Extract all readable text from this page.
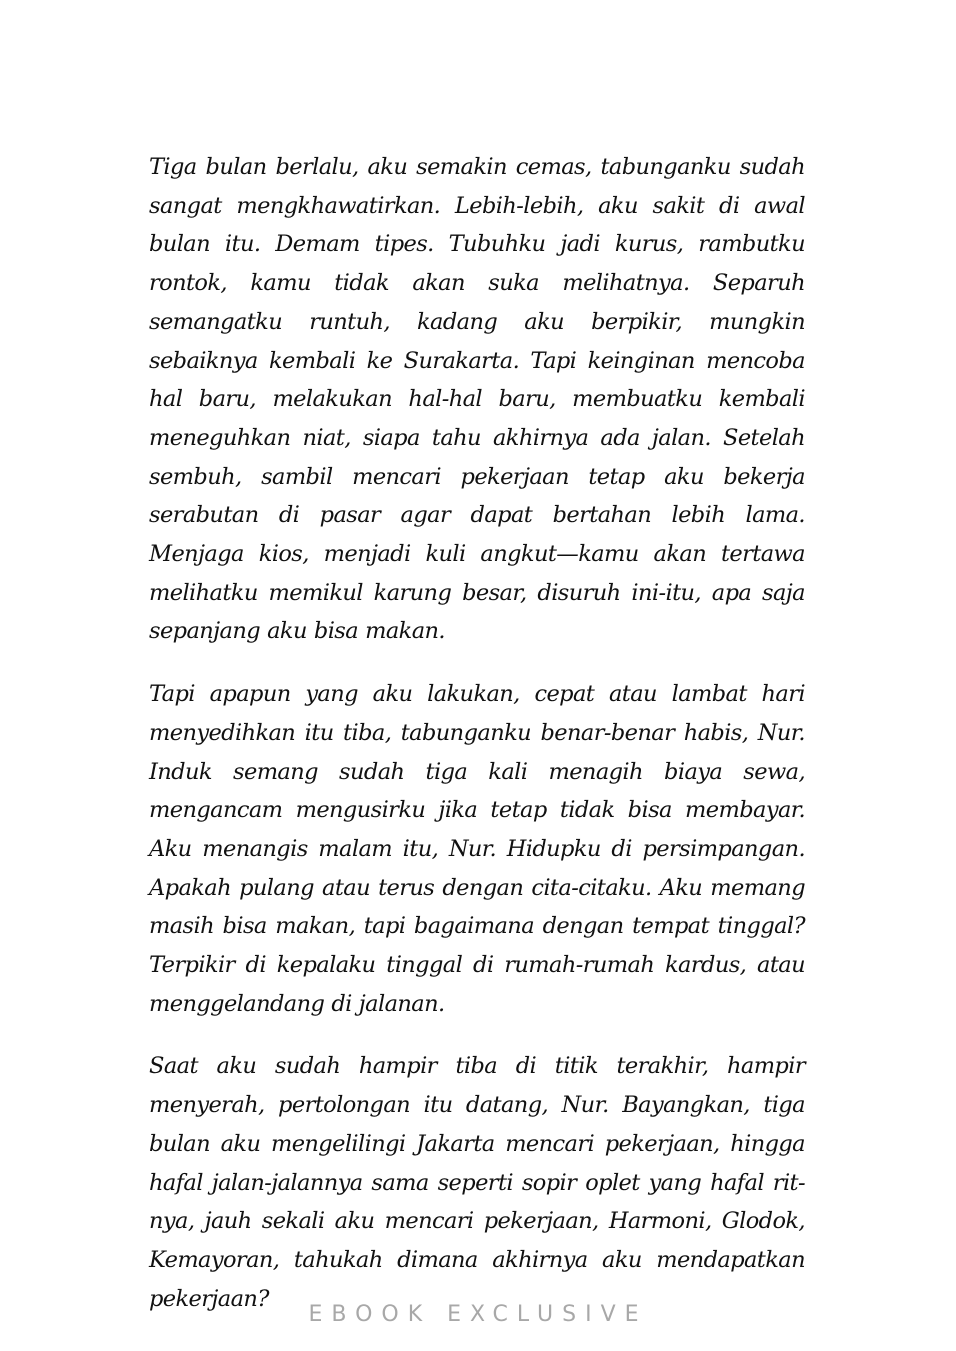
Tiga bulan berlalu, aku semakin cemas, tabunganku sudah sangat mengkhawatirkan. Lebih-lebih, aku sakit di awal bulan itu. Demam tipes. Tubuhku jadi kurus, rambutku rontok, kamu tidak akan suka melihatnya. Separuh semangatku runtuh, kadang aku berpikir, mungkin sebaiknya kembali ke Surakarta. Tapi keinginan mencoba hal baru, melakukan hal-hal baru, membuatku kembali meneguhkan niat, siapa tahu akhirnya ada jalan. Setelah sembuh, sambil mencari pekerjaan tetap aku bekerja serabutan di pasar agar dapat bertahan lebih lama. Menjaga kios, menjadi kuli angkut—kamu akan tertawa melihatku memikul karung besar, disuruh ini-itu, apa saja sepanjang aku bisa makan.

Tapi apapun yang aku lakukan, cepat atau lambat hari menyedihkan itu tiba, tabunganku benar-benar habis, Nur. Induk semang sudah tiga kali menagih biaya sewa, mengancam mengusirku jika tetap tidak bisa membayar. Aku menangis malam itu, Nur. Hidupku di persimpangan. Apakah pulang atau terus dengan cita-citaku. Aku memang masih bisa makan, tapi bagaimana dengan tempat tinggal? Terpikir di kepalaku tinggal di rumah-rumah kardus, atau menggelandang di jalanan.

Saat aku sudah hampir tiba di titik terakhir, hampir menyerah, pertolongan itu datang, Nur. Bayangkan, tiga bulan aku mengelilingi Jakarta mencari pekerjaan, hingga hafal jalan-jalannya sama seperti sopir oplet yang hafal rit-nya, jauh sekali aku mencari pekerjaan, Harmoni, Glodok, Kemayoran, tahukah dimana akhirnya aku mendapatkan pekerjaan?

EBOOK EXCLUSIVE
